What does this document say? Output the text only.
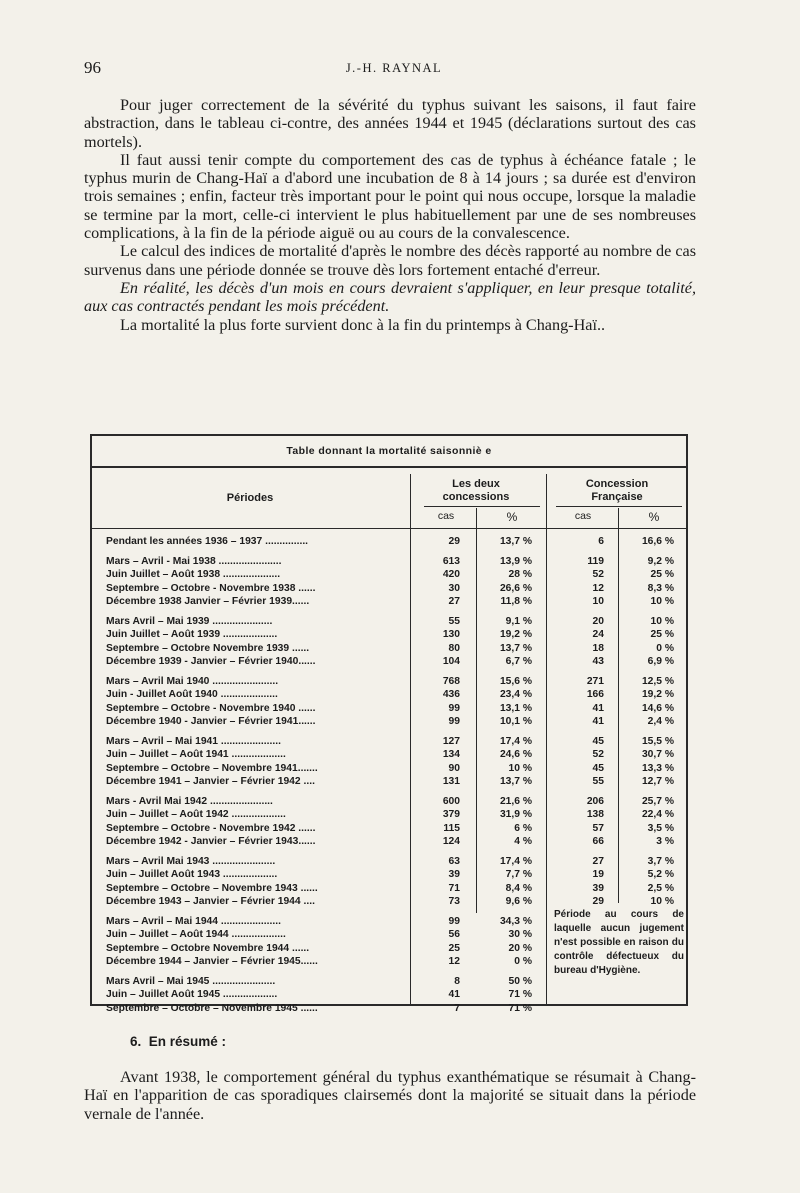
96	J.-H. RAYNAL

Pour juger correctement de la sévérité du typhus suivant les saisons, il faut faire abstraction, dans le tableau ci-contre, des années 1944 et 1945 (déclarations surtout des cas mortels).

Il faut aussi tenir compte du comportement des cas de typhus à échéance fatale ; le typhus murin de Chang-Haï a d'abord une incubation de 8 à 14 jours ; sa durée est d'environ trois semaines ; enfin, facteur très important pour le point qui nous occupe, lorsque la maladie se termine par la mort, celle-ci intervient le plus habituellement par une de ses nombreuses complications, à la fin de la période aiguë ou au cours de la convalescence.

Le calcul des indices de mortalité d'après le nombre des décès rapporté au nombre de cas survenus dans une période donnée se trouve dès lors fortement entaché d'erreur.

En réalité, les décès d'un mois en cours devraient s'appliquer, en leur presque totalité, aux cas contractés pendant les mois précédent.

La mortalité la plus forte survient donc à la fin du printemps à Chang-Haï..

Table donnant la mortalité saisonniè e
Périodes
Les deux
concessions
Concession
Française
cas	%	cas	%
Pendant les années 1936 – 1937 ...............	29	13,7 %	6	16,6 %
Mars – Avril - Mai 1938 ......................	613	13,9 %	119	9,2 %
Juin Juillet – Août 1938 ....................	420	28 %	52	25 %
Septembre – Octobre - Novembre 1938 ......	30	26,6 %	12	8,3 %
Décembre 1938 Janvier – Février 1939......	27	11,8 %	10	10 %
Mars Avril – Mai 1939 .....................	55	9,1 %	20	10 %
Juin Juillet – Août 1939 ...................	130	19,2 %	24	25 %
Septembre – Octobre Novembre 1939 ......	80	13,7 %	18	0 %
Décembre 1939 - Janvier – Février 1940......	104	6,7 %	43	6,9 %
Mars – Avril Mai 1940 .......................	768	15,6 %	271	12,5 %
Juin - Juillet Août 1940 ....................	436	23,4 %	166	19,2 %
Septembre – Octobre - Novembre 1940 ......	99	13,1 %	41	14,6 %
Décembre 1940 - Janvier – Février 1941......	99	10,1 %	41	2,4 %
Mars – Avril – Mai 1941 .....................	127	17,4 %	45	15,5 %
Juin – Juillet – Août 1941 ...................	134	24,6 %	52	30,7 %
Septembre – Octobre – Novembre 1941.......	90	10 %	45	13,3 %
Décembre 1941 – Janvier – Février 1942 ....	131	13,7 %	55	12,7 %
Mars - Avril Mai 1942 ......................	600	21,6 %	206	25,7 %
Juin – Juillet – Août 1942 ...................	379	31,9 %	138	22,4 %
Septembre – Octobre - Novembre 1942 ......	115	6 %	57	3,5 %
Décembre 1942 - Janvier – Février 1943......	124	4 %	66	3 %
Mars – Avril Mai 1943 ......................	63	17,4 %	27	3,7 %
Juin – Juillet Août 1943 ...................	39	7,7 %	19	5,2 %
Septembre – Octobre – Novembre 1943 ......	71	8,4 %	39	2,5 %
Décembre 1943 – Janvier – Février 1944 ....	73	9,6 %	29	10 %
Mars – Avril – Mai 1944 .....................	99	34,3 %
Juin – Juillet – Août 1944 ...................	56	30 %
Septembre – Octobre Novembre 1944 ......	25	20 %
Décembre 1944 – Janvier – Février 1945......	12	0 %
Mars Avril – Mai 1945 ......................	8	50 %
Juin – Juillet Août 1945 ...................	41	71 %
Septembre – Octobre – Novembre 1945 ......	7	71 %
Période au cours de laquelle aucun jugement n'est possible en raison du contrôle défectueux du bureau d'Hygiène.
6. En résumé :

Avant 1938, le comportement général du typhus exanthématique se résumait à Chang-Haï en l'apparition de cas sporadiques clairsemés dont la majorité se situait dans la période vernale de l'année.
